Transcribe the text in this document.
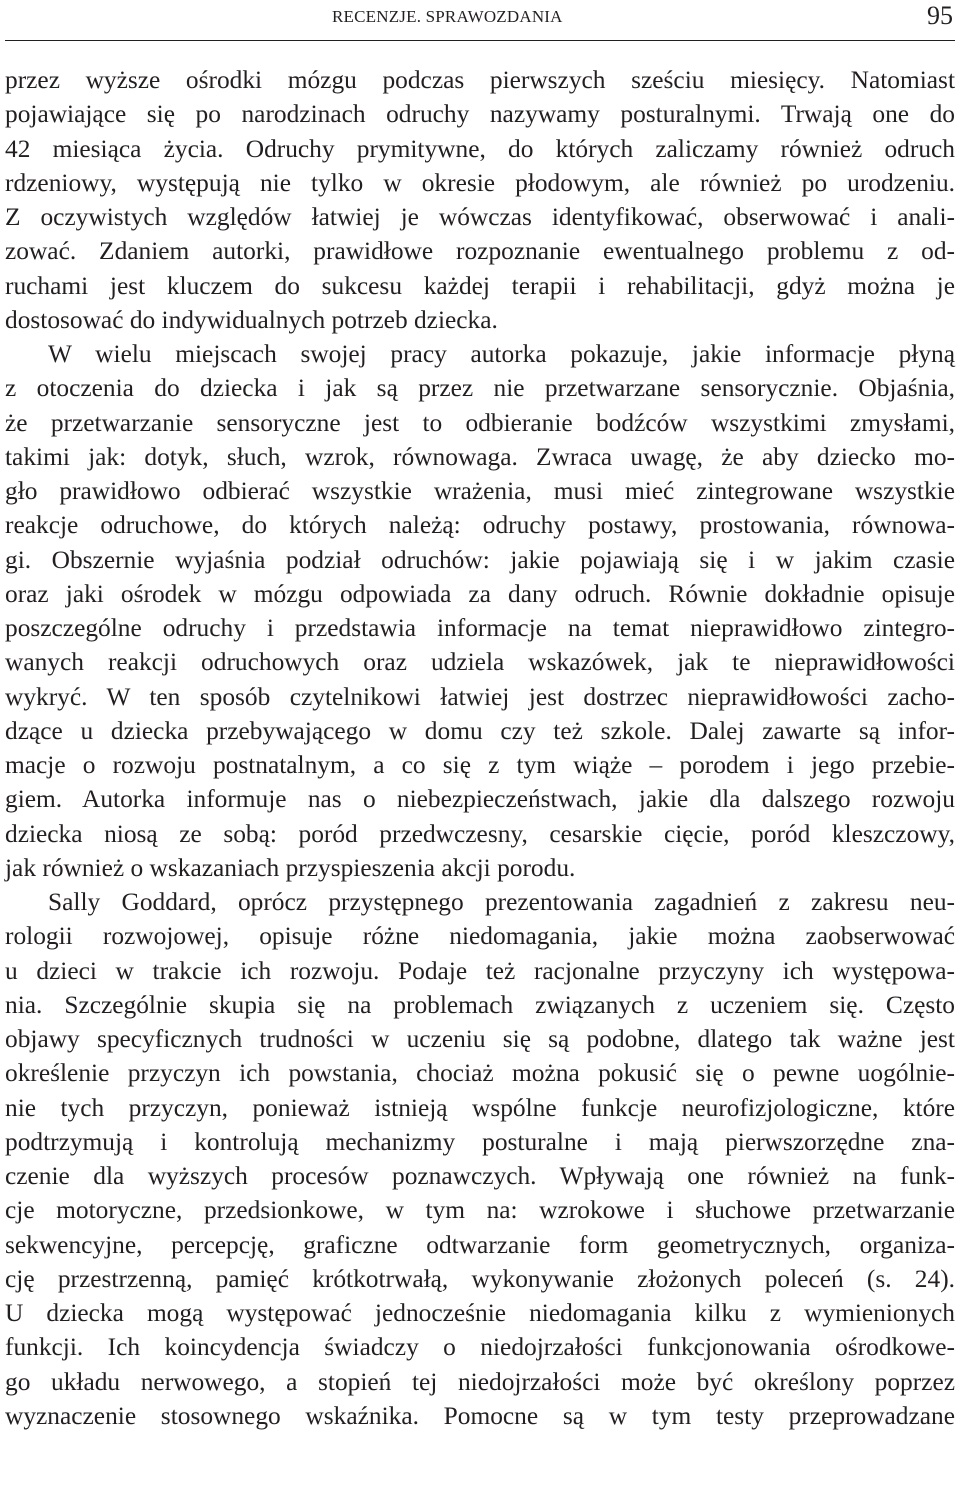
RECENZJE. SPRAWOZDANIA	95
przez wyższe ośrodki mózgu podczas pierwszych sześciu miesięcy. Natomiast
pojawiające się po narodzinach odruchy nazywamy posturalnymi. Trwają one do
42 miesiąca życia. Odruchy prymitywne, do których zaliczamy również odruch
rdzeniowy, występują nie tylko w okresie płodowym, ale również po urodzeniu.
Z oczywistych względów łatwiej je wówczas identyfikować, obserwować i anali-
zować. Zdaniem autorki, prawidłowe rozpoznanie ewentualnego problemu z od-
ruchami jest kluczem do sukcesu każdej terapii i rehabilitacji, gdyż można je
dostosować do indywidualnych potrzeb dziecka.
W wielu miejscach swojej pracy autorka pokazuje, jakie informacje płyną
z otoczenia do dziecka i jak są przez nie przetwarzane sensorycznie. Objaśnia,
że przetwarzanie sensoryczne jest to odbieranie bodźców wszystkimi zmysłami,
takimi jak: dotyk, słuch, wzrok, równowaga. Zwraca uwagę, że aby dziecko mo-
gło prawidłowo odbierać wszystkie wrażenia, musi mieć zintegrowane wszystkie
reakcje odruchowe, do których należą: odruchy postawy, prostowania, równowa-
gi. Obszernie wyjaśnia podział odruchów: jakie pojawiają się i w jakim czasie
oraz jaki ośrodek w mózgu odpowiada za dany odruch. Równie dokładnie opisuje
poszczególne odruchy i przedstawia informacje na temat nieprawidłowo zintegro-
wanych reakcji odruchowych oraz udziela wskazówek, jak te nieprawidłowości
wykryć. W ten sposób czytelnikowi łatwiej jest dostrzec nieprawidłowości zacho-
dzące u dziecka przebywającego w domu czy też szkole. Dalej zawarte są infor-
macje o rozwoju postnatalnym, a co się z tym wiąże – porodem i jego przebie-
giem. Autorka informuje nas o niebezpieczeństwach, jakie dla dalszego rozwoju
dziecka niosą ze sobą: poród przedwczesny, cesarskie cięcie, poród kleszczowy,
jak również o wskazaniach przyspieszenia akcji porodu.
Sally Goddard, oprócz przystępnego prezentowania zagadnień z zakresu neu-
rologii rozwojowej, opisuje różne niedomagania, jakie można zaobserwować
u dzieci w trakcie ich rozwoju. Podaje też racjonalne przyczyny ich występowa-
nia. Szczególnie skupia się na problemach związanych z uczeniem się. Często
objawy specyficznych trudności w uczeniu się są podobne, dlatego tak ważne jest
określenie przyczyn ich powstania, chociaż można pokusić się o pewne uogólnie-
nie tych przyczyn, ponieważ istnieją wspólne funkcje neurofizjologiczne, które
podtrzymują i kontrolują mechanizmy posturalne i mają pierwszorzędne zna-
czenie dla wyższych procesów poznawczych. Wpływają one również na funk-
cje motoryczne, przedsionkowe, w tym na: wzrokowe i słuchowe przetwarzanie
sekwencyjne, percepcję, graficzne odtwarzanie form geometrycznych, organiza-
cję przestrzenną, pamięć krótkotrwałą, wykonywanie złożonych poleceń (s. 24).
U dziecka mogą występować jednocześnie niedomagania kilku z wymienionych
funkcji. Ich koincydencja świadczy o niedojrzałości funkcjonowania ośrodkowe-
go układu nerwowego, a stopień tej niedojrzałości może być określony poprzez
wyznaczenie stosownego wskaźnika. Pomocne są w tym testy przeprowadzane
